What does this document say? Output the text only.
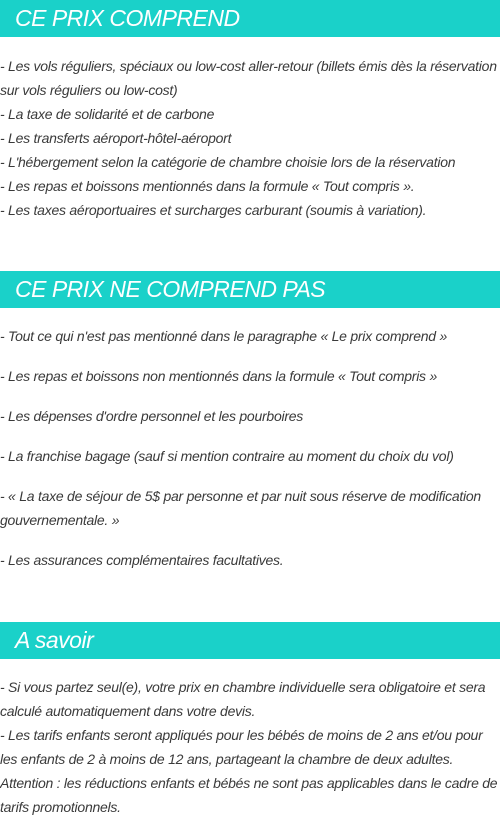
CE PRIX COMPREND

- Les vols réguliers, spéciaux ou low-cost aller-retour (billets émis dès la réservation sur vols réguliers ou low-cost)

- La taxe de solidarité et de carbone

- Les transferts aéroport-hôtel-aéroport

- L'hébergement selon la catégorie de chambre choisie lors de la réservation

- Les repas et boissons mentionnés dans la formule « Tout compris ».

- Les taxes aéroportuaires et surcharges carburant (soumis à variation).

CE PRIX NE COMPREND PAS

- Tout ce qui n'est pas mentionné dans le paragraphe « Le prix comprend »

- Les repas et boissons non mentionnés dans la formule « Tout compris »

- Les dépenses d'ordre personnel et les pourboires

- La franchise bagage (sauf si mention contraire au moment du choix du vol)

- « La taxe de séjour de 5$ par personne et par nuit sous réserve de modification gouvernementale. »

- Les assurances complémentaires facultatives.

A savoir

- Si vous partez seul(e), votre prix en chambre individuelle sera obligatoire et sera calculé automatiquement dans votre devis.

- Les tarifs enfants seront appliqués pour les bébés de moins de 2 ans et/ou pour les enfants de 2 à moins de 12 ans, partageant la chambre de deux adultes.

Attention : les réductions enfants et bébés ne sont pas applicables dans le cadre de tarifs promotionnels.
